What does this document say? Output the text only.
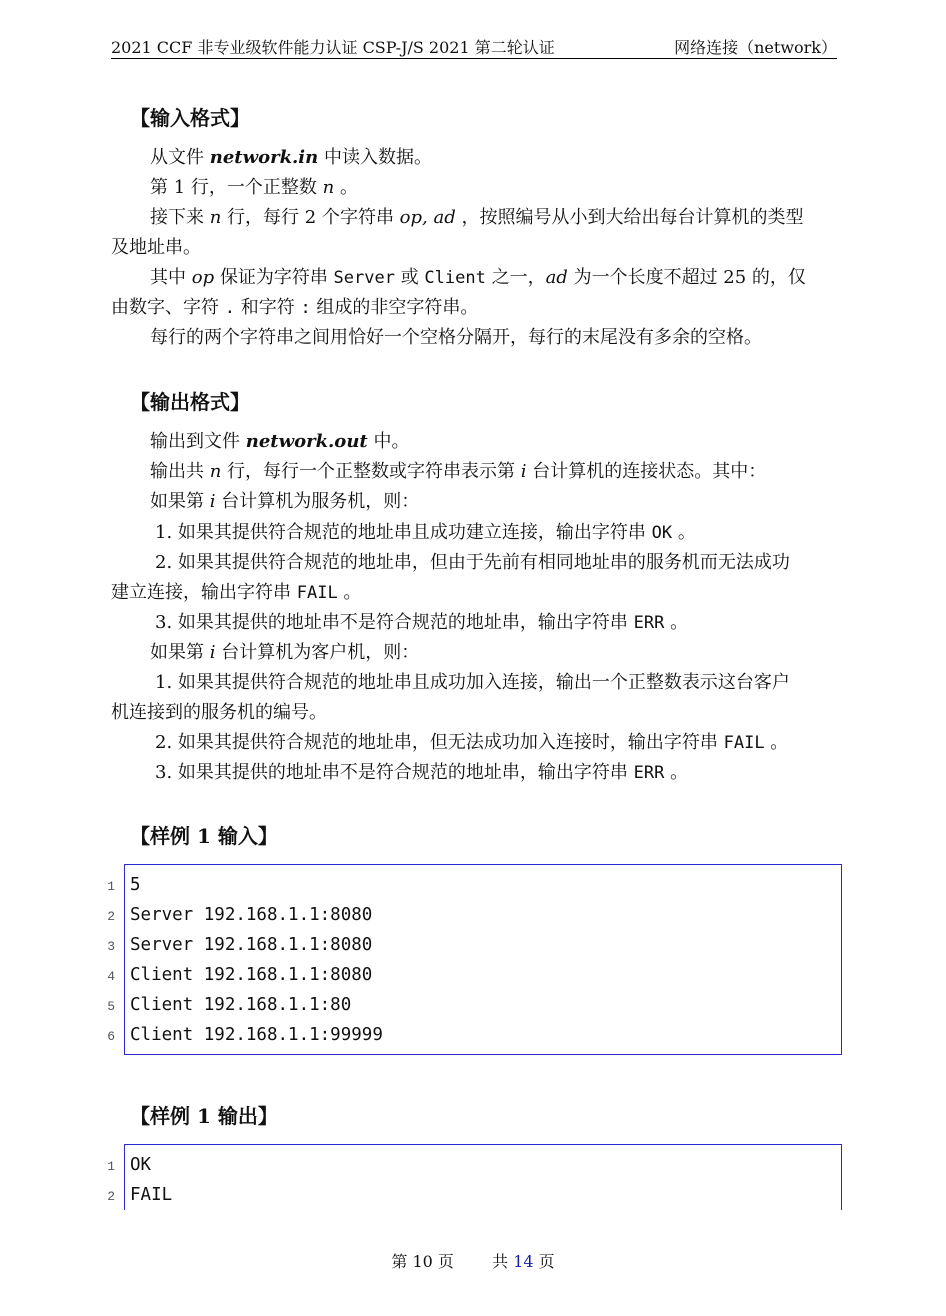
2021 CCF 非专业级软件能力认证 CSP-J/S 2021 第二轮认证	网络连接（network）
【输入格式】
从文件 network.in 中读入数据。
第 1 行，一个正整数 n 。
接下来 n 行，每行 2 个字符串 op, ad ，按照编号从小到大给出每台计算机的类型
及地址串。
其中 op 保证为字符串 Server 或 Client 之一，ad 为一个长度不超过 25 的，仅
由数字、字符 . 和字符 : 组成的非空字符串。
每行的两个字符串之间用恰好一个空格分隔开，每行的末尾没有多余的空格。
【输出格式】
输出到文件 network.out 中。
输出共 n 行，每行一个正整数或字符串表示第 i 台计算机的连接状态。其中：
如果第 i 台计算机为服务机，则：
1. 如果其提供符合规范的地址串且成功建立连接，输出字符串 OK 。
2. 如果其提供符合规范的地址串，但由于先前有相同地址串的服务机而无法成功
建立连接，输出字符串 FAIL 。
3. 如果其提供的地址串不是符合规范的地址串，输出字符串 ERR 。
如果第 i 台计算机为客户机，则：
1. 如果其提供符合规范的地址串且成功加入连接，输出一个正整数表示这台客户
机连接到的服务机的编号。
2. 如果其提供符合规范的地址串，但无法成功加入连接时，输出字符串 FAIL 。
3. 如果其提供的地址串不是符合规范的地址串，输出字符串 ERR 。
【样例 1 输入】
1 5
2 Server 192.168.1.1:8080
3 Server 192.168.1.1:8080
4 Client 192.168.1.1:8080
5 Client 192.168.1.1:80
6 Client 192.168.1.1:99999
【样例 1 输出】
1 OK
2 FAIL
第 10 页 共 14 页
